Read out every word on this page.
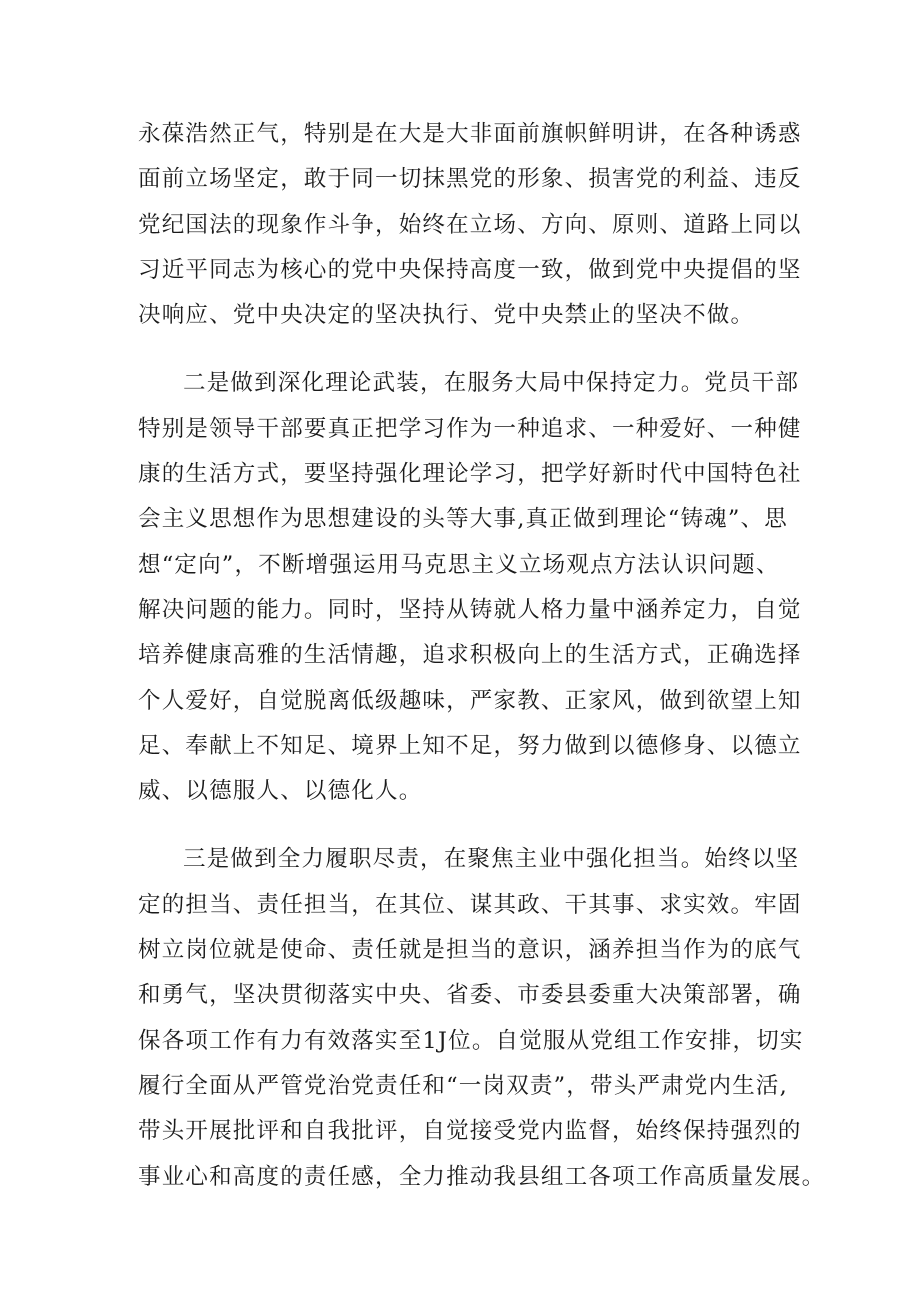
永葆浩然正气，特别是在大是大非面前旗帜鲜明讲，在各种诱惑
面前立场坚定，敢于同一切抹黑党的形象、损害党的利益、违反
党纪国法的现象作斗争，始终在立场、方向、原则、道路上同以
习近平同志为核心的党中央保持高度一致，做到党中央提倡的坚
决响应、党中央决定的坚决执行、党中央禁止的坚决不做。

二是做到深化理论武装，在服务大局中保持定力。党员干部
特别是领导干部要真正把学习作为一种追求、一种爱好、一种健
康的生活方式，要坚持强化理论学习，把学好新时代中国特色社
会主义思想作为思想建设的头等大事,真正做到理论“铸魂”、思
想“定向”，不断增强运用马克思主义立场观点方法认识问题、
解决问题的能力。同时，坚持从铸就人格力量中涵养定力，自觉
培养健康高雅的生活情趣，追求积极向上的生活方式，正确选择
个人爱好，自觉脱离低级趣味，严家教、正家风，做到欲望上知
足、奉献上不知足、境界上知不足，努力做到以德修身、以德立
威、以德服人、以德化人。

三是做到全力履职尽责，在聚焦主业中强化担当。始终以坚
定的担当、责任担当，在其位、谋其政、干其事、求实效。牢固
树立岗位就是使命、责任就是担当的意识，涵养担当作为的底气
和勇气，坚决贯彻落实中央、省委、市委县委重大决策部署，确
保各项工作有力有效落实至1J位。自觉服从党组工作安排，切实
履行全面从严管党治党责任和“一岗双责”，带头严肃党内生活,
带头开展批评和自我批评，自觉接受党内监督，始终保持强烈的
事业心和高度的责任感，全力推动我县组工各项工作高质量发展。
